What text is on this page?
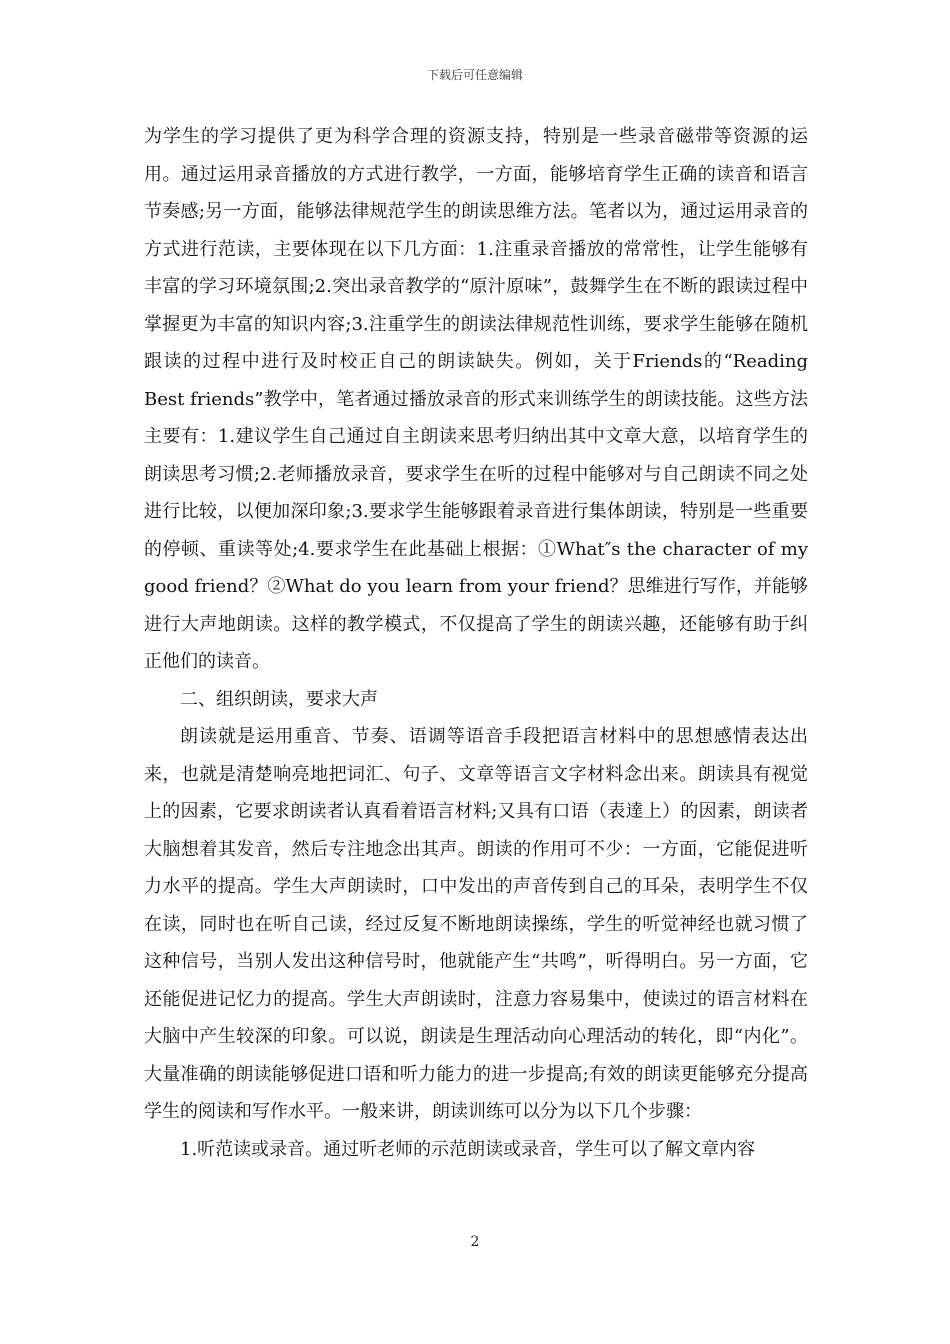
下载后可任意编辑

为学生的学习提供了更为科学合理的资源支持，特别是一些录音磁带等资源的运用。通过运用录音播放的方式进行教学，一方面，能够培育学生正确的读音和语言节奏感;另一方面，能够法律规范学生的朗读思维方法。笔者以为，通过运用录音的方式进行范读，主要体现在以下几方面：1.注重录音播放的常常性，让学生能够有丰富的学习环境氛围;2.突出录音教学的“原汁原味”，鼓舞学生在不断的跟读过程中掌握更为丰富的知识内容;3.注重学生的朗读法律规范性训练，要求学生能够在随机跟读的过程中进行及时校正自己的朗读缺失。例如，关于Friends的“Reading Best friends”教学中，笔者通过播放录音的形式来训练学生的朗读技能。这些方法主要有：1.建议学生自己通过自主朗读来思考归纳出其中文章大意，以培育学生的朗读思考习惯;2.老师播放录音，要求学生在听的过程中能够对与自己朗读不同之处进行比较，以便加深印象;3.要求学生能够跟着录音进行集体朗读，特别是一些重要的停顿、重读等处;4.要求学生在此基础上根据：①What″s the character of my good friend？②What do you learn from your friend？思维进行写作，并能够进行大声地朗读。这样的教学模式，不仅提高了学生的朗读兴趣，还能够有助于纠正他们的读音。

二、组织朗读，要求大声

朗读就是运用重音、节奏、语调等语音手段把语言材料中的思想感情表达出来，也就是清楚响亮地把词汇、句子、文章等语言文字材料念出来。朗读具有视觉上的因素，它要求朗读者认真看着语言材料;又具有口语（表達上）的因素，朗读者大脑想着其发音，然后专注地念出其声。朗读的作用可不少：一方面，它能促进听力水平的提高。学生大声朗读时，口中发出的声音传到自己的耳朵，表明学生不仅在读，同时也在听自己读，经过反复不断地朗读操练，学生的听觉神经也就习惯了这种信号，当别人发出这种信号时，他就能产生“共鸣”，听得明白。另一方面，它还能促进记忆力的提高。学生大声朗读时，注意力容易集中，使读过的语言材料在大脑中产生较深的印象。可以说，朗读是生理活动向心理活动的转化，即“内化”。大量准确的朗读能够促进口语和听力能力的进一步提高;有效的朗读更能够充分提高学生的阅读和写作水平。一般来讲，朗读训练可以分为以下几个步骤：

1.听范读或录音。通过听老师的示范朗读或录音，学生可以了解文章内容

2
